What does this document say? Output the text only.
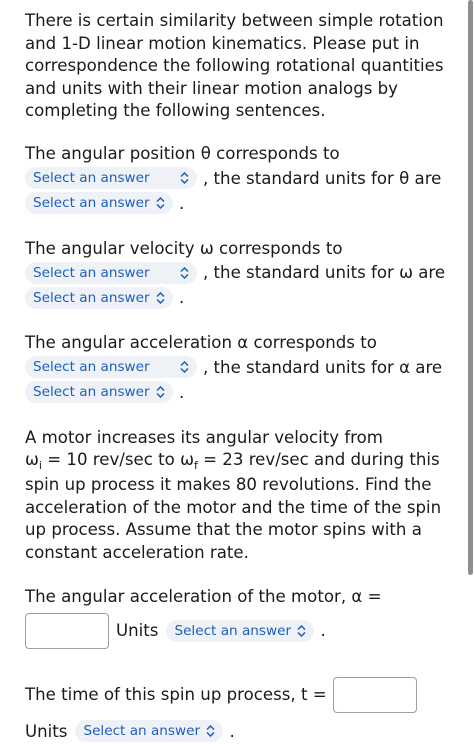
There is certain similarity between simple rotation and 1-D linear motion kinematics. Please put in correspondence the following rotational quantities and units with their linear motion analogs by completing the following sentences.

The angular position θ corresponds to

Select an answer	, the standard units for θ are
Select an answer .

The angular velocity ω corresponds to

Select an answer	, the standard units for ω are
Select an answer .

The angular acceleration α corresponds to

Select an answer	, the standard units for α are
Select an answer .

A motor increases its angular velocity from

$\omega_i = 10$ rev/sec to $\omega_f = 23$ rev/sec and during this

spin up process it makes 80 revolutions. Find the acceleration of the motor and the time of the spin up process. Assume that the motor spins with a constant acceleration rate.

The angular acceleration of the motor, α =

Units Select an answer .
The time of this spin up process, t =
Units Select an answer .
